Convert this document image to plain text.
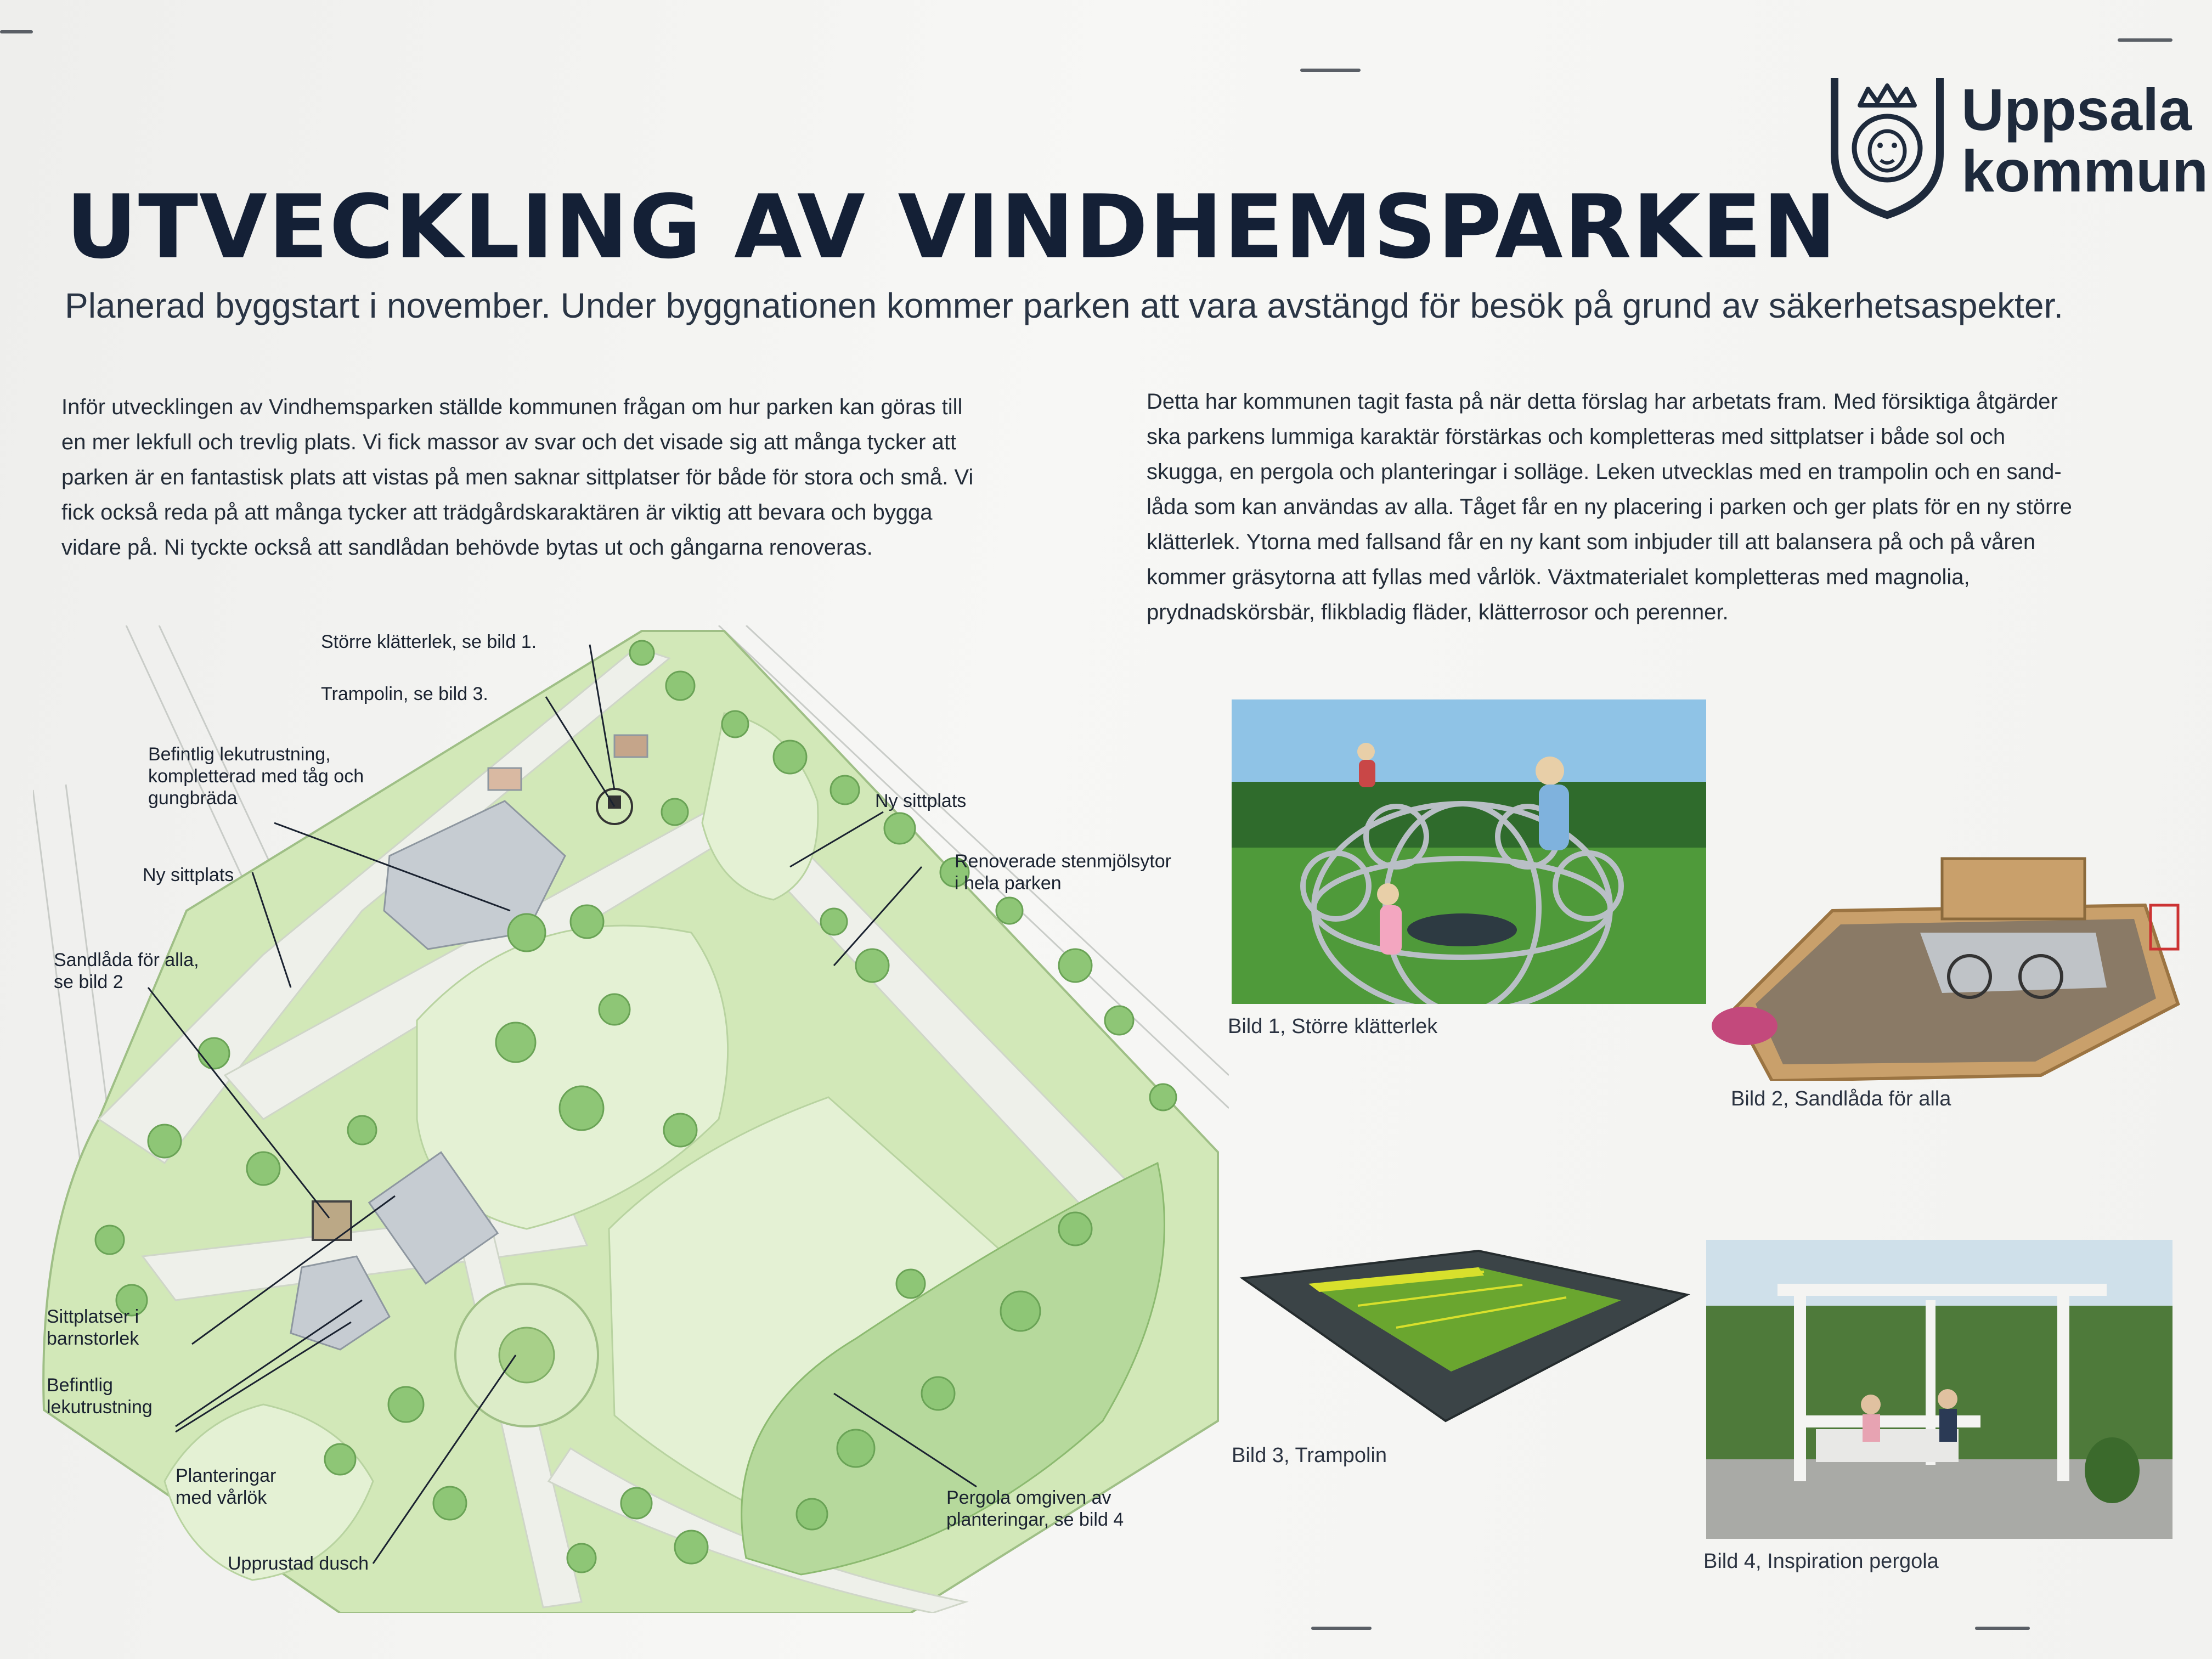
Uppsala
kommun
UTVECKLING AV VINDHEMSPARKEN
Planerad byggstart i november. Under byggnationen kommer parken att vara avstängd för besök på grund av säkerhetsaspekter.
Inför utvecklingen av Vindhemsparken ställde kommunen frågan om hur parken kan göras till
en mer lekfull och trevlig plats. Vi fick massor av svar och det visade sig att många tycker att
parken är en fantastisk plats att vistas på men saknar sittplatser för både för stora och små. Vi
fick också reda på att många tycker att trädgårdskaraktären är viktig att bevara och bygga
vidare på. Ni tyckte också att sandlådan behövde bytas ut och gångarna renoveras.
Detta har kommunen tagit fasta på när detta förslag har arbetats fram. Med försiktiga åtgärder
ska parkens lummiga karaktär förstärkas och kompletteras med sittplatser i både sol och
skugga, en pergola och planteringar i solläge. Leken utvecklas med en trampolin och en sand-
låda som kan användas av alla. Tåget får en ny placering i parken och ger plats för en ny större
klätterlek. Ytorna med fallsand får en ny kant som inbjuder till att balansera på och på våren
kommer gräsytorna att fyllas med vårlök. Växtmaterialet kompletteras med magnolia,
prydnadskörsbär, flikbladig fläder, klätterrosor och perenner.
Större klätterlek, se bild 1.
Trampolin, se bild 3.
Befintlig lekutrustning,
kompletterad med tåg och
gungbräda
Ny sittplats
Ny sittplats
Renoverade stenmjölsytor
i hela parken
Sandlåda för alla,
se bild 2
Sittplatser i
barnstorlek
Befintlig
lekutrustning
Planteringar
med vårlök	Pergola omgiven av
planteringar, se bild 4
Upprustad dusch
Bild 1, Större klätterlek
Bild 2, Sandlåda för alla
Bild 3, Trampolin
Bild 4, Inspiration pergola
